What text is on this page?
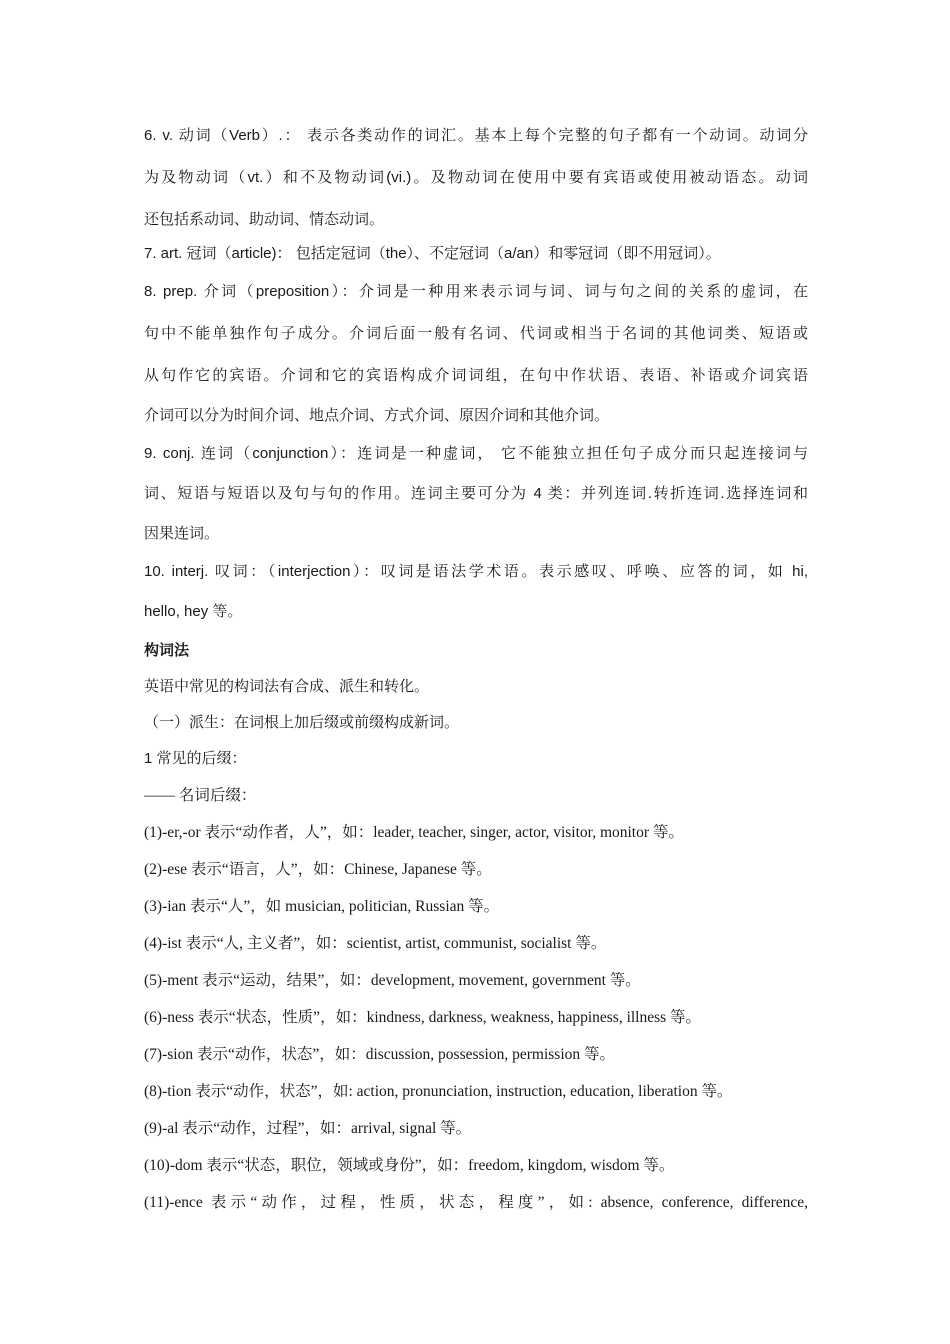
6. v. 动词（Verb）.： 表示各类动作的词汇。基本上每个完整的句子都有一个动词。动词分
为及物动词（vt.）和不及物动词(vi.)。及物动词在使用中要有宾语或使用被动语态。动词
还包括系动词、助动词、情态动词。
7. art. 冠词（article)： 包括定冠词（the）、不定冠词（a/an）和零冠词（即不用冠词）。
8. prep. 介词（preposition）：介词是一种用来表示词与词、词与句之间的关系的虚词，在
句中不能单独作句子成分。介词后面一般有名词、代词或相当于名词的其他词类、短语或
从句作它的宾语。介词和它的宾语构成介词词组，在句中作状语、表语、补语或介词宾语
介词可以分为时间介词、地点介词、方式介词、原因介词和其他介词。
9. conj. 连词（conjunction）：连词是一种虚词， 它不能独立担任句子成分而只起连接词与
词、短语与短语以及句与句的作用。连词主要可分为 4 类：并列连词.转折连词.选择连词和
因果连词。
10. interj. 叹词：（interjection）：叹词是语法学术语。表示感叹、呼唤、应答的词，如 hi,
hello, hey 等。
构词法
英语中常见的构词法有合成、派生和转化。
（一）派生：在词根上加后缀或前缀构成新词。
1 常见的后缀：
—— 名词后缀：
(1)-er,-or 表示“动作者，人”，如：leader, teacher, singer, actor, visitor, monitor 等。
(2)-ese 表示“语言，人”，如：Chinese, Japanese 等。
(3)-ian 表示“人”，如 musician, politician, Russian 等。
(4)-ist 表示“人, 主义者”，如：scientist, artist, communist, socialist 等。
(5)-ment 表示“运动，结果”，如：development, movement, government 等。
(6)-ness 表示“状态，性质”，如：kindness, darkness, weakness, happiness, illness 等。
(7)-sion 表示“动作，状态”，如：discussion, possession, permission 等。
(8)-tion 表示“动作，状态”，如: action, pronunciation, instruction, education, liberation 等。
(9)-al 表示“动作，过程”，如：arrival, signal 等。
(10)-dom 表示“状态，职位，领域或身份”，如：freedom, kingdom, wisdom 等。
(11)-ence 表示“动作，过程，性质，状态，程度”，如: absence, conference, difference,
